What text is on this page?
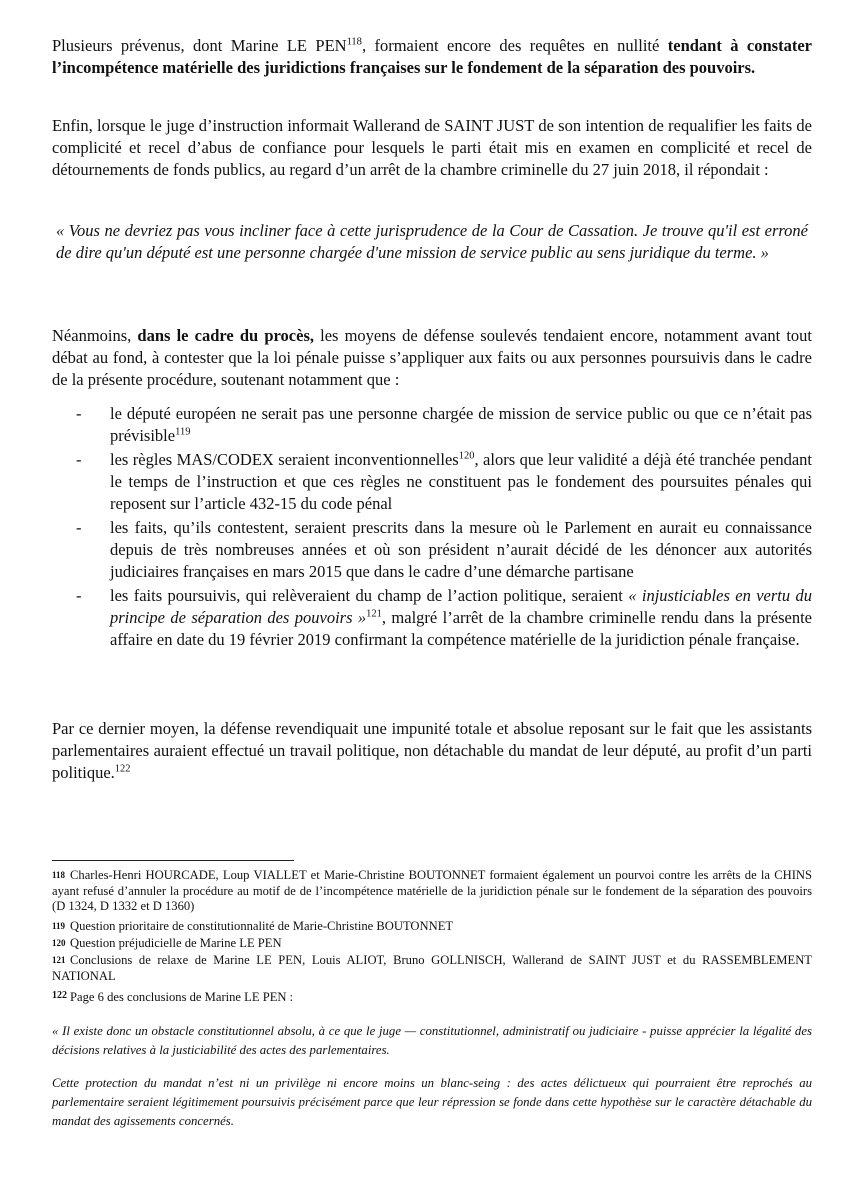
Plusieurs prévenus, dont Marine LE PEN$^{118}$, formaient encore des requêtes en nullité tendant à constater l’incompétence matérielle des juridictions françaises sur le fondement de la séparation des pouvoirs.

Enfin, lorsque le juge d’instruction informait Wallerand de SAINT JUST de son intention de requalifier les faits de complicité et recel d’abus de confiance pour lesquels le parti était mis en examen en complicité et recel de détournements de fonds publics, au regard d’un arrêt de la chambre criminelle du 27 juin 2018, il répondait :

« Vous ne devriez pas vous incliner face à cette jurisprudence de la Cour de Cassation. Je trouve qu'il est erroné de dire qu'un député est une personne chargée d'une mission de service public au sens juridique du terme. »

Néanmoins, dans le cadre du procès, les moyens de défense soulevés tendaient encore, notamment avant tout débat au fond, à contester que la loi pénale puisse s’appliquer aux faits ou aux personnes poursuivis dans le cadre de la présente procédure, soutenant notamment que :

- le député européen ne serait pas une personne chargée de mission de service public ou que ce n’était pas prévisible$^{119}$
- les règles MAS/CODEX seraient inconventionnelles$^{120}$, alors que leur validité a déjà été tranchée pendant le temps de l’instruction et que ces règles ne constituent pas le fondement des poursuites pénales qui reposent sur l’article 432-15 du code pénal
- les faits, qu’ils contestent, seraient prescrits dans la mesure où le Parlement en aurait eu connaissance depuis de très nombreuses années et où son président n’aurait décidé de les dénoncer aux autorités judiciaires françaises en mars 2015 que dans le cadre d’une démarche partisane
- les faits poursuivis, qui relèveraient du champ de l’action politique, seraient « injusticiables en vertu du principe de séparation des pouvoirs »$^{121}$, malgré l’arrêt de la chambre criminelle rendu dans la présente affaire en date du 19 février 2019 confirmant la compétence matérielle de la juridiction pénale française.

Par ce dernier moyen, la défense revendiquait une impunité totale et absolue reposant sur le fait que les assistants parlementaires auraient effectué un travail politique, non détachable du mandat de leur député, au profit d’un parti politique.$^{122}$

118 Charles-Henri HOURCADE, Loup VIALLET et Marie-Christine BOUTONNET formaient également un pourvoi contre les arrêts de la CHINS ayant refusé d’annuler la procédure au motif de de l’incompétence matérielle de la juridiction pénale sur le fondement de la séparation des pouvoirs (D 1324, D 1332 et D 1360)

119 Question prioritaire de constitutionnalité de Marie-Christine BOUTONNET

120 Question préjudicielle de Marine LE PEN

121 Conclusions de relaxe de Marine LE PEN, Louis ALIOT, Bruno GOLLNISCH, Wallerand de SAINT JUST et du RASSEMBLEMENT NATIONAL

122 Page 6 des conclusions de Marine LE PEN :

« Il existe donc un obstacle constitutionnel absolu, à ce que le juge — constitutionnel, administratif ou judiciaire - puisse apprécier la légalité des décisions relatives à la justiciabilité des actes des parlementaires.

Cette protection du mandat n’est ni un privilège ni encore moins un blanc-seing : des actes délictueux qui pourraient être reprochés au parlementaire seraient légitimement poursuivis précisément parce que leur répression se fonde dans cette hypothèse sur le caractère détachable du mandat des agissements concernés.
